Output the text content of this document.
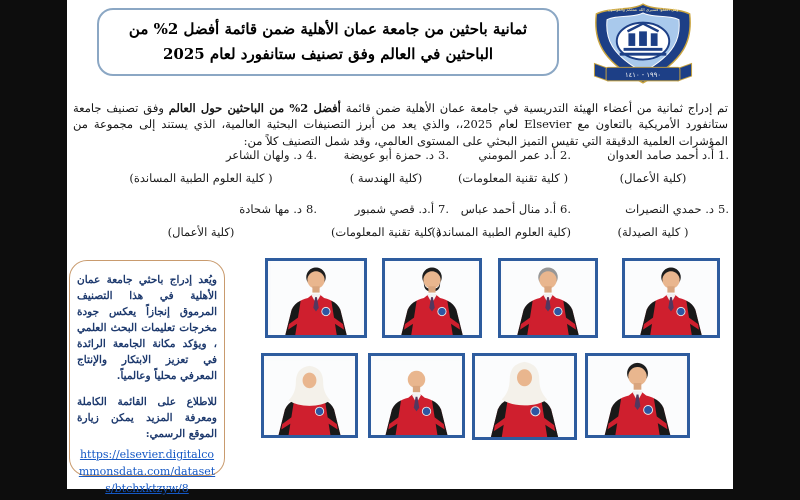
ثمانية باحثين من جامعة عمان الأهلية ضمن قائمة أفضل 2% من
الباحثين في العالم وفق تصنيف ستانفورد لعام 2025
وقل اعملوا فسيرى الله عملكم والمؤمنون
١٩٩٠ - ١٤١٠

تم إدراج ثمانية من أعضاء الهيئة التدريسية في جامعة عمان الأهلية ضمن قائمة أفضل 2% من الباحثين حول العالم وفق تصنيف جامعة ستانفورد الأمريكية بالتعاون مع Elsevier لعام 2025،، والذي يعد من أبرز التصنيفات البحثية العالمية، الذي يستند إلى مجموعة من المؤشرات العلمية الدقيقة التي تقيس التميز البحثي على المستوى العالمي، وقد شمل التصنيف كلاً من:

1.أ.د أحمد صامد العدوان
(كلية الأعمال)
2.أ.د عمر المومني
( كلية تقنية المعلومات)
3.د. حمزة أبو عويضة
(كلية الهندسة )
4.د. ولهان الشاعر
( كلية العلوم الطبية المساندة)
5.د. حمدي النصيرات
( كلية الصيدلة)
6.أ.د منال أحمد عباس
(كلية العلوم الطبية المساندة)
7.أ.د. قصي شمبور
( كلية تقنية المعلومات)
8.د. مها شحادة
(كلية الأعمال)
ويُعد إدراج باحثي جامعة عمان الأهلية في هذا التصنيف المرموق إنجازاً يعكس جودة مخرجات تعليمات البحث العلمي ، ويؤكد مكانة الجامعة الرائدة في تعزيز الابتكار والإنتاج المعرفي محلياً وعالمياً.
للاطلاع على القائمة الكاملة ومعرفة المزيد يمكن زيارة الموقع الرسمي:
https://elsevier.digitalcommonsdata.com/datasets/btchxktzyw/8
